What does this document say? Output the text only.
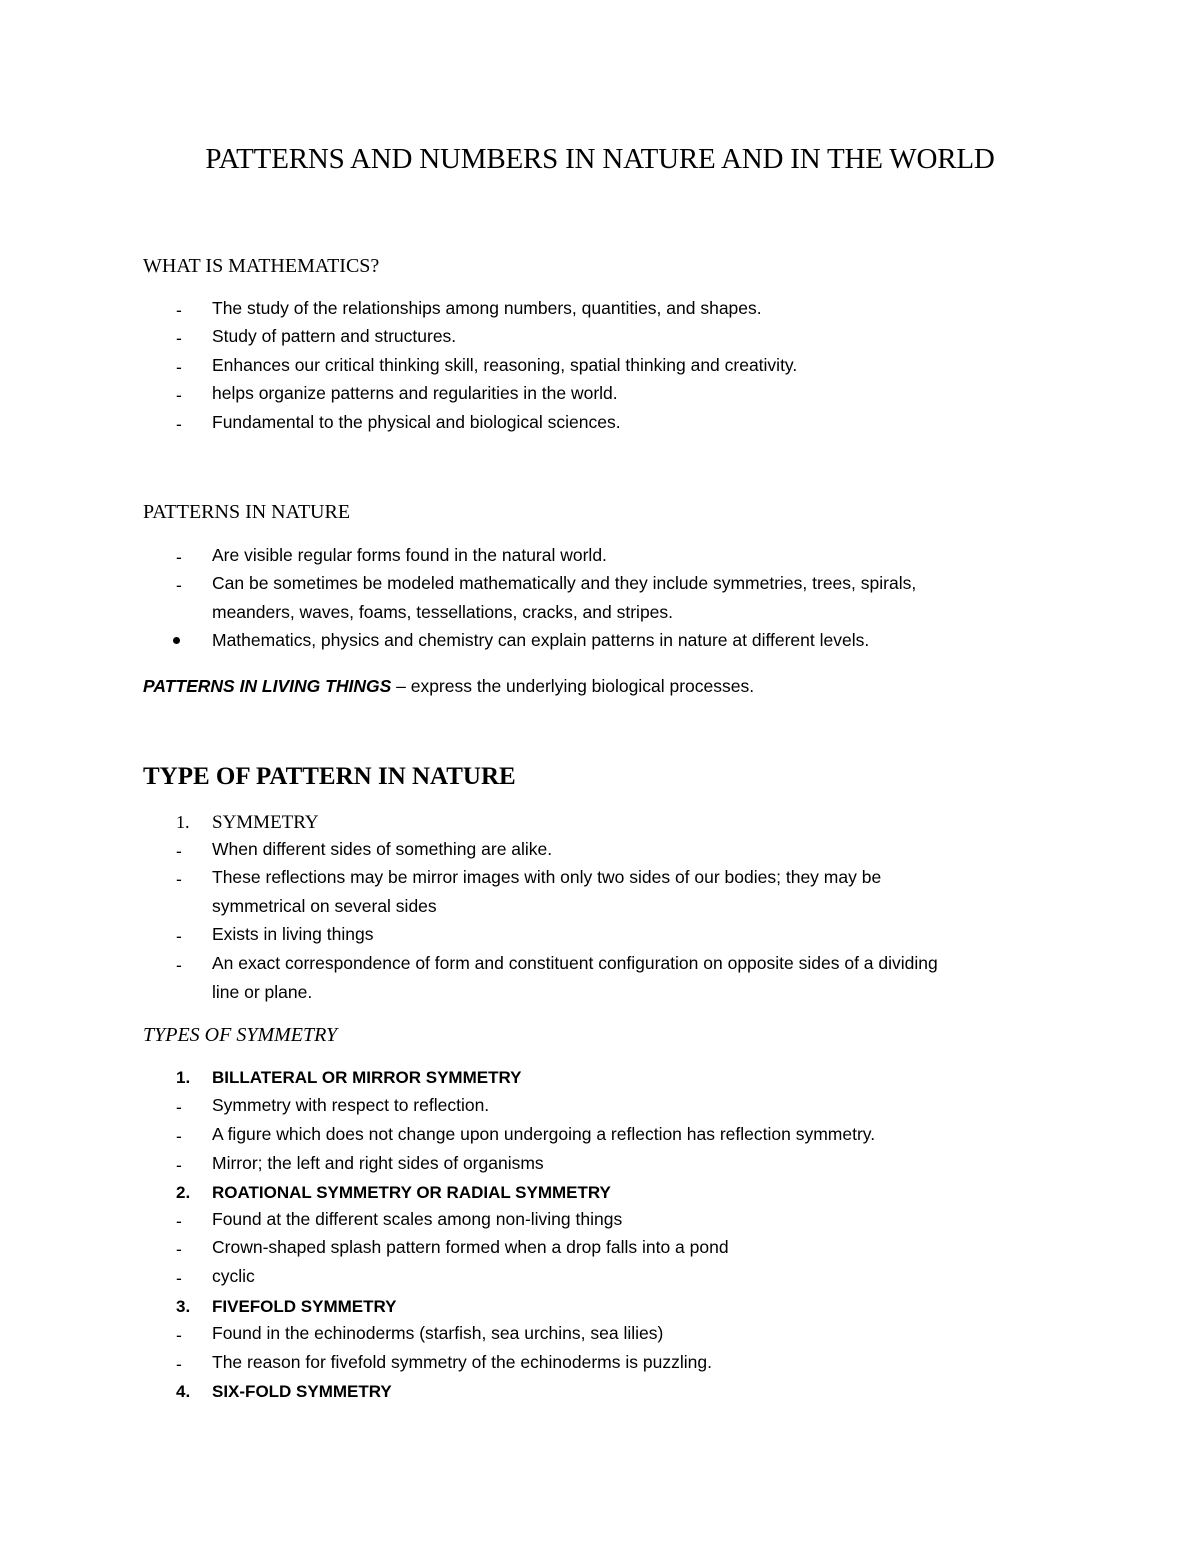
PATTERNS AND NUMBERS IN NATURE AND IN THE WORLD
WHAT IS MATHEMATICS?
- The study of the relationships among numbers, quantities, and shapes.
- Study of pattern and structures.
- Enhances our critical thinking skill, reasoning, spatial thinking and creativity.
- helps organize patterns and regularities in the world.
- Fundamental to the physical and biological sciences.
PATTERNS IN NATURE
- Are visible regular forms found in the natural world.
- Can be sometimes be modeled mathematically and they include symmetries, trees, spirals,
meanders, waves, foams, tessellations, cracks, and stripes.
Mathematics, physics and chemistry can explain patterns in nature at different levels.
PATTERNS IN LIVING THINGS – express the underlying biological processes.
TYPE OF PATTERN IN NATURE
1. SYMMETRY
- When different sides of something are alike.
- These reflections may be mirror images with only two sides of our bodies; they may be
symmetrical on several sides
- Exists in living things
- An exact correspondence of form and constituent configuration on opposite sides of a dividing
line or plane.
TYPES OF SYMMETRY
1. BILLATERAL OR MIRROR SYMMETRY
- Symmetry with respect to reflection.
- A figure which does not change upon undergoing a reflection has reflection symmetry.
- Mirror; the left and right sides of organisms
2. ROATIONAL SYMMETRY OR RADIAL SYMMETRY
- Found at the different scales among non-living things
- Crown-shaped splash pattern formed when a drop falls into a pond
- cyclic
3. FIVEFOLD SYMMETRY
- Found in the echinoderms (starfish, sea urchins, sea lilies)
- The reason for fivefold symmetry of the echinoderms is puzzling.
4. SIX-FOLD SYMMETRY
